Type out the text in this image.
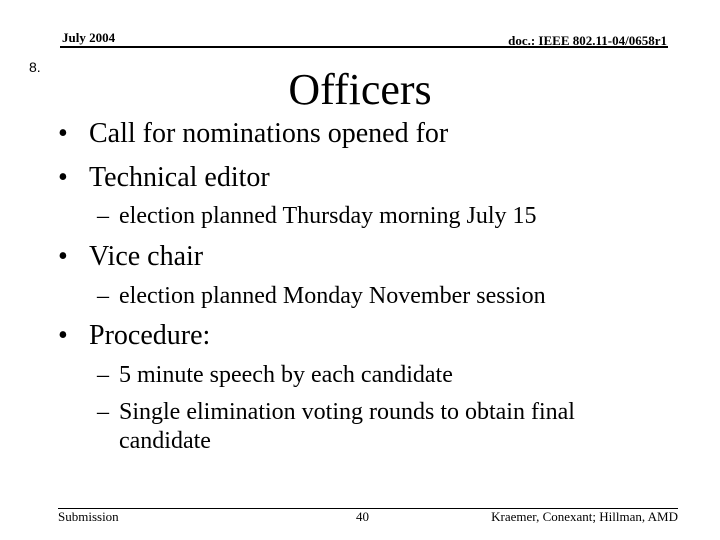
July 2004	doc.: IEEE 802.11-04/0658r1
8.	Officers
• Call for nominations opened for
• Technical editor
– election planned Thursday morning July 15
• Vice chair
– election planned Monday November session
• Procedure:
– 5 minute speech by each candidate
– Single elimination voting rounds to obtain final
candidate
Submission	40	Kraemer, Conexant; Hillman, AMD
